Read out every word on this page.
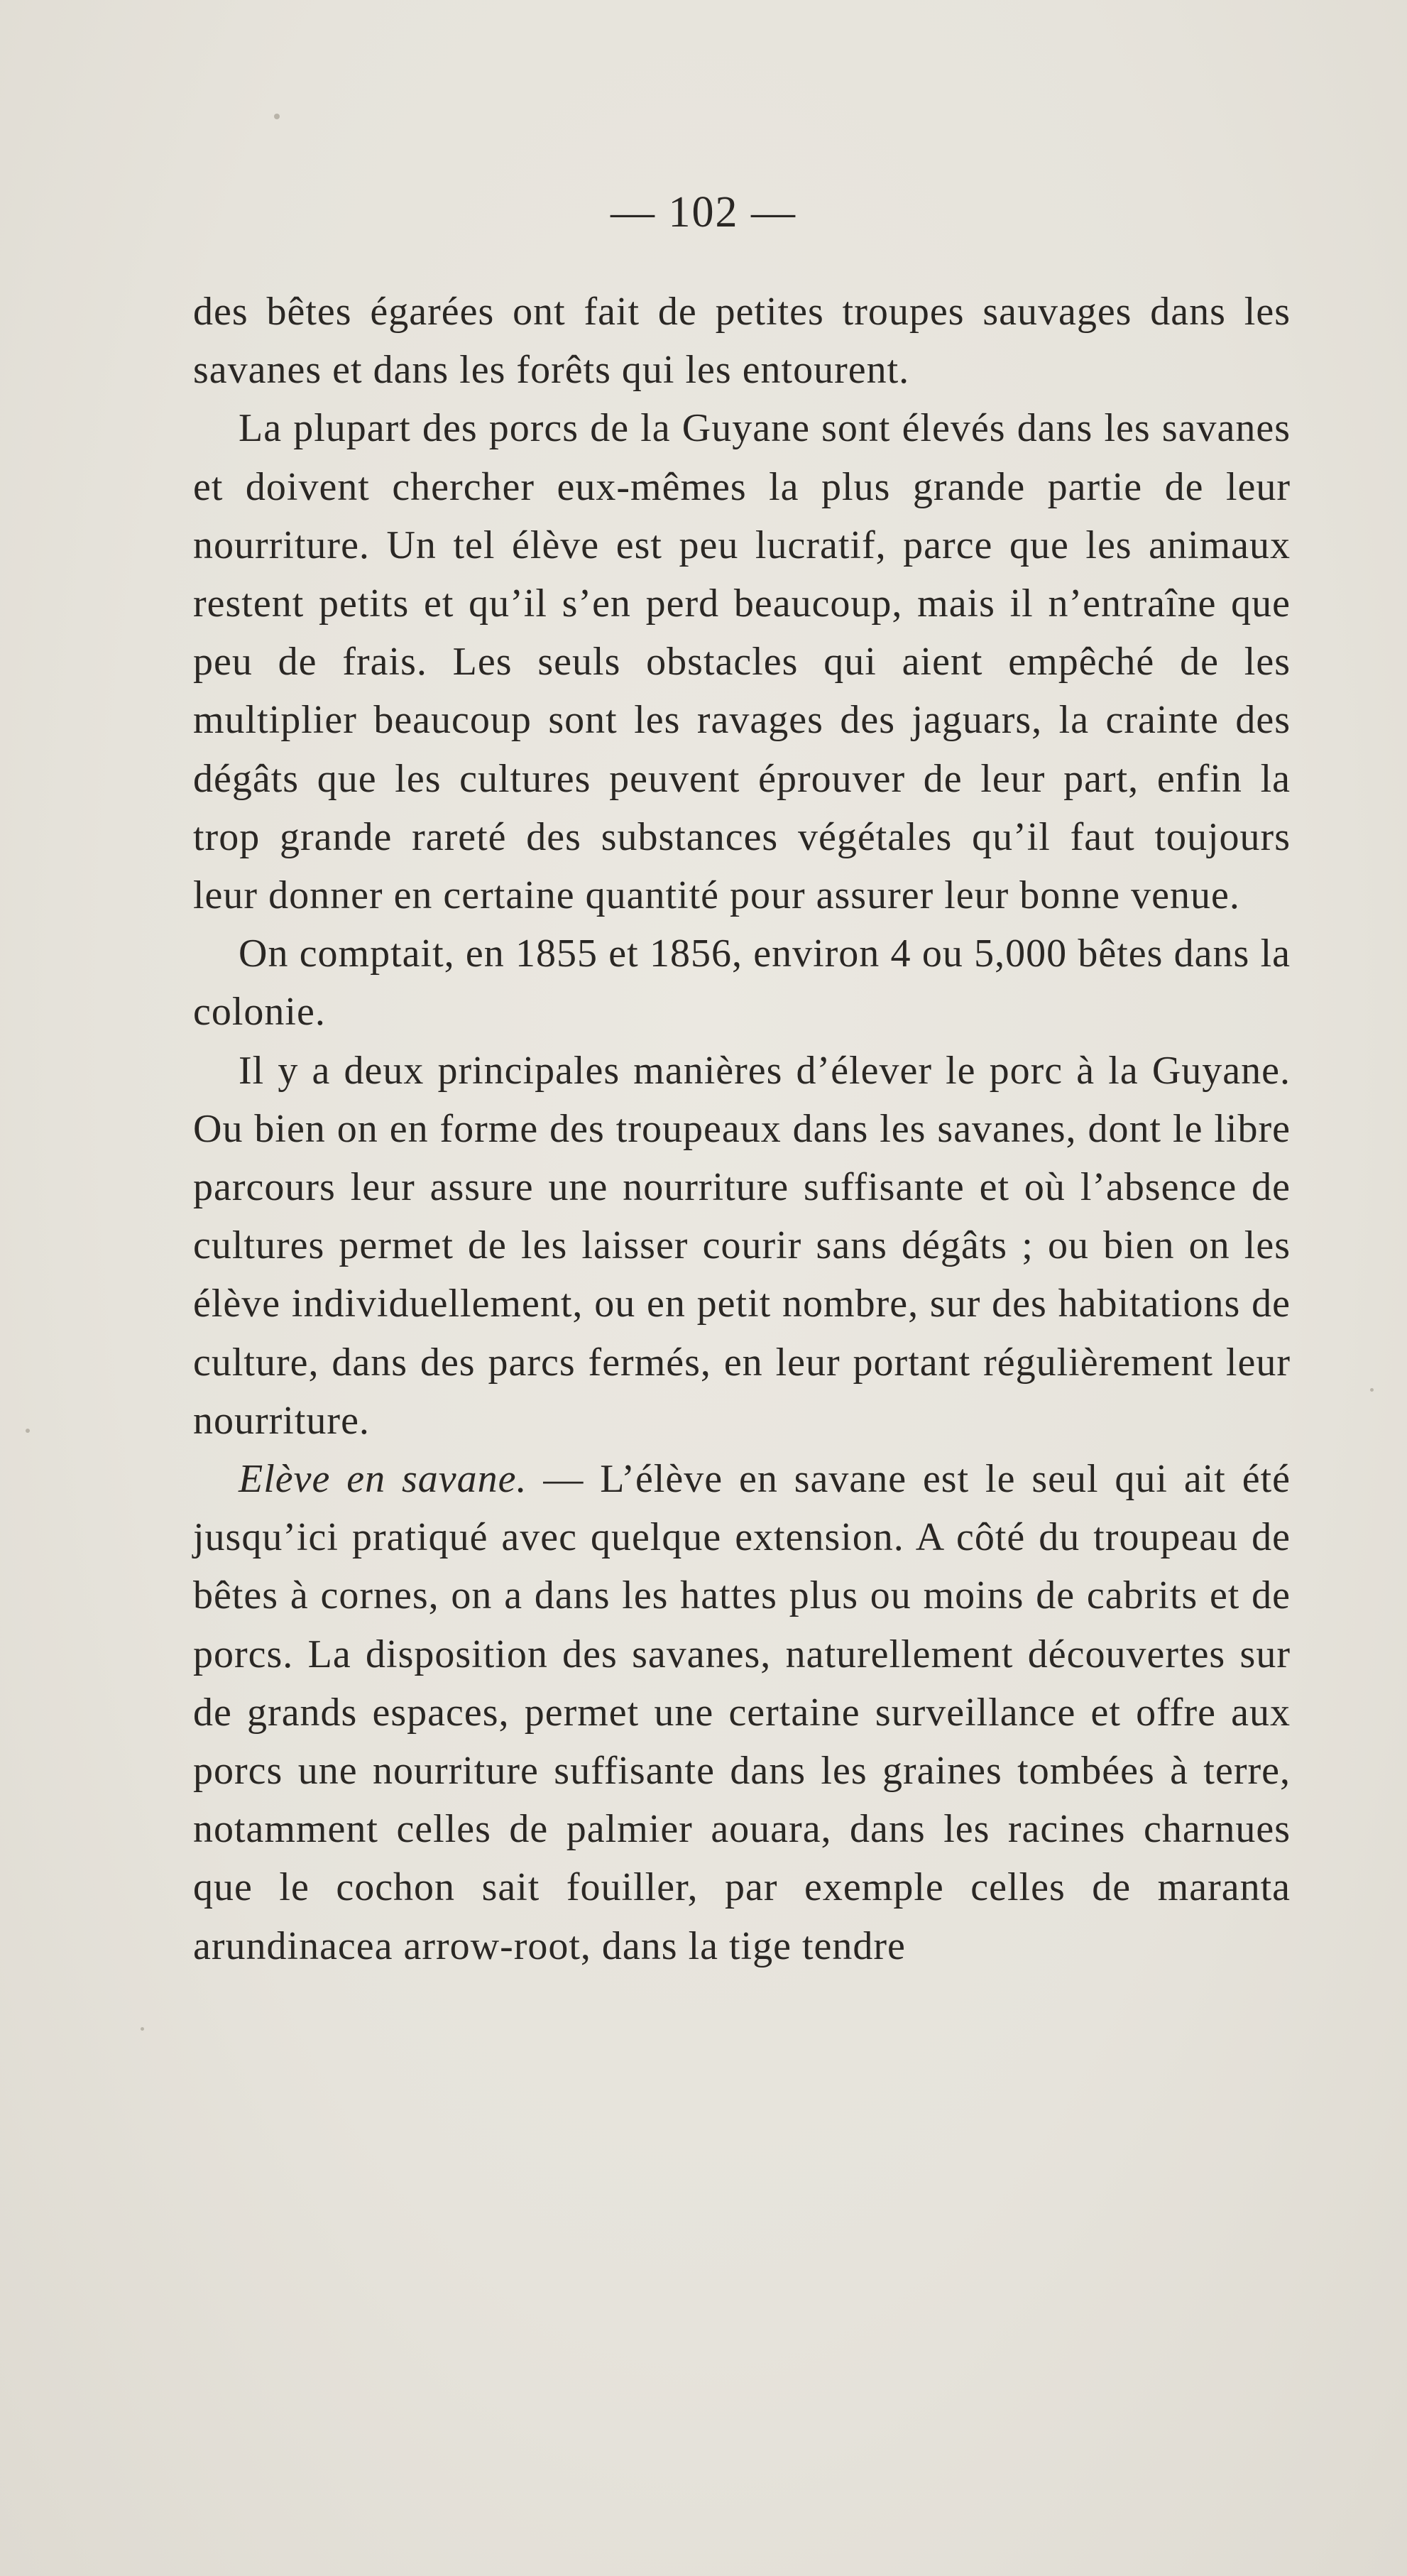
— 102 —

des bêtes égarées ont fait de petites troupes sauvages dans les savanes et dans les forêts qui les entourent.

La plupart des porcs de la Guyane sont élevés dans les savanes et doivent chercher eux-mêmes la plus grande partie de leur nourriture. Un tel élève est peu lucratif, parce que les animaux restent petits et qu’il s’en perd beaucoup, mais il n’entraîne que peu de frais. Les seuls obstacles qui aient empêché de les multiplier beaucoup sont les ravages des jaguars, la crainte des dégâts que les cultures peuvent éprouver de leur part, enfin la trop grande rareté des substances végétales qu’il faut toujours leur donner en certaine quantité pour assurer leur bonne venue.

On comptait, en 1855 et 1856, environ 4 ou 5,000 bêtes dans la colonie.

Il y a deux principales manières d’élever le porc à la Guyane. Ou bien on en forme des troupeaux dans les savanes, dont le libre parcours leur assure une nourriture suffisante et où l’absence de cultures permet de les laisser courir sans dégâts ; ou bien on les élève individuellement, ou en petit nombre, sur des habitations de culture, dans des parcs fermés, en leur portant régulièrement leur nourriture.

Elève en savane. — L’élève en savane est le seul qui ait été jusqu’ici pratiqué avec quelque extension. A côté du troupeau de bêtes à cornes, on a dans les hattes plus ou moins de cabrits et de porcs. La disposition des savanes, naturellement découvertes sur de grands espaces, permet une certaine surveillance et offre aux porcs une nourriture suffisante dans les graines tombées à terre, notamment celles de palmier aouara, dans les racines charnues que le cochon sait fouiller, par exemple celles de maranta arundinacea arrow-root, dans la tige tendre
